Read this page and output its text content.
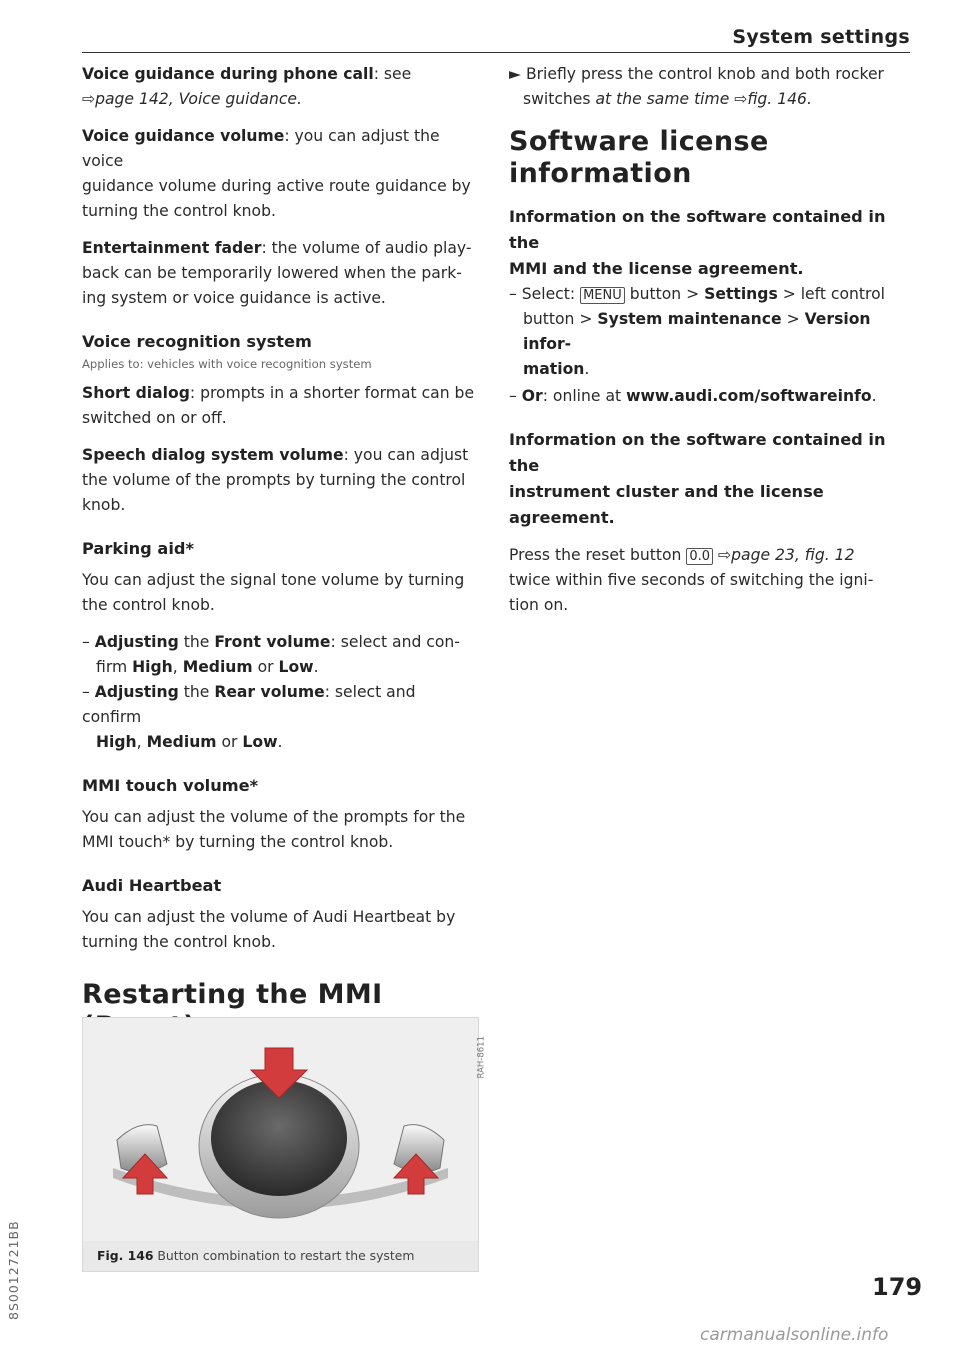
System settings

Voice guidance during phone call: see

⇨page 142, Voice guidance.

Voice guidance volume: you can adjust the voice

guidance volume during active route guidance by

turning the control knob.

Entertainment fader: the volume of audio play-

back can be temporarily lowered when the park-

ing system or voice guidance is active.

Voice recognition system
Applies to: vehicles with voice recognition system

Short dialog: prompts in a shorter format can be

switched on or off.

Speech dialog system volume: you can adjust

the volume of the prompts by turning the control

knob.

Parking aid*

You can adjust the signal tone volume by turning

the control knob.

– Adjusting the Front volume: select and con-

firm High, Medium or Low.

– Adjusting the Rear volume: select and confirm

High, Medium or Low.

MMI touch volume*

You can adjust the volume of the prompts for the

MMI touch* by turning the control knob.

Audi Heartbeat

You can adjust the volume of Audi Heartbeat by

turning the control knob.

Restarting the MMI
RAH-8611
Fig. 146 Button combination to restart the system

► Briefly press the control knob and both rocker

switches at the same time ⇨fig. 146.

Software license
information
Information on the software contained in the
MMI and the license agreement.

– Select: MENU button > Settings > left control

button > System maintenance > Version infor-

mation.

– Or: online at www.audi.com/softwareinfo.

Information on the software contained in the
instrument cluster and the license agreement.

Press the reset button 0.0 ⇨page 23, fig. 12

twice within five seconds of switching the igni-

tion on.

8S0012721BB	179
carmanualsonline.info
